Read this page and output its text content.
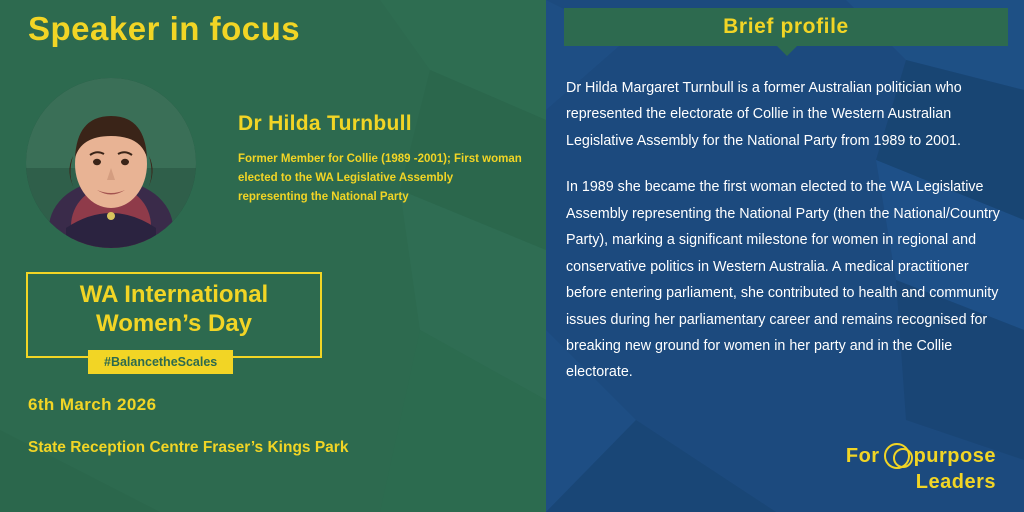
Speaker in focus
Dr Hilda Turnbull
Former Member for Collie (1989 -2001); First woman elected to the WA Legislative Assembly representing the National Party
WA International Women’s Day
#BalancetheScales
6th March 2026
State Reception Centre Fraser’s Kings Park
Brief profile

Dr Hilda Margaret Turnbull is a former Australian politician who represented the electorate of Collie in the Western Australian Legislative Assembly for the National Party from 1989 to 2001.

In 1989 she became the first woman elected to the WA Legislative Assembly representing the National Party (then the National/Country Party), marking a significant milestone for women in regional and conservative politics in Western Australia. A medical practitioner before entering parliament, she contributed to health and community issues during her parliamentary career and remains recognised for breaking new ground for women in her party and in the Collie electorate.

For purpose
Leaders
